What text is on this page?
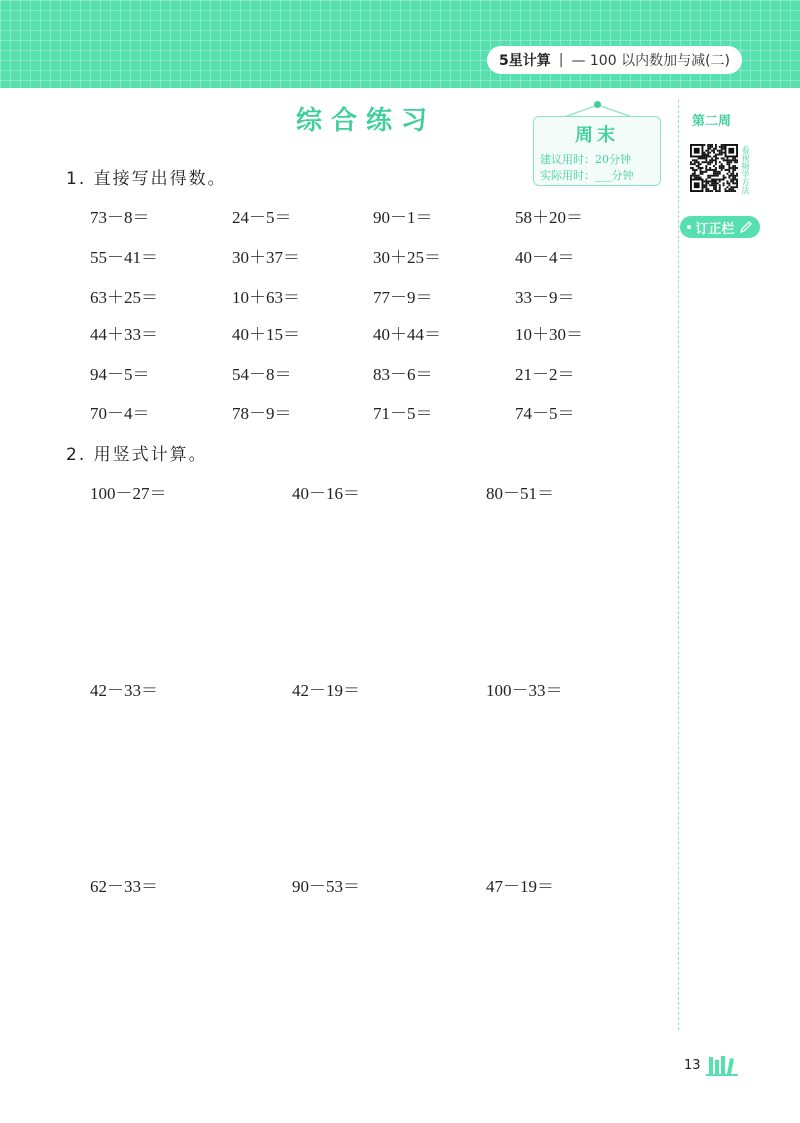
5星计算 | — 100 以内数加与减(二)
综合练习	周末
建议用时：20分钟
实际用时：___分钟
第二周
看视频学方法
订正栏
1. 直接写出得数。
73－8＝	24－5＝	90－1＝	58＋20＝
55－41＝	30＋37＝	30＋25＝	40－4＝
63＋25＝	10＋63＝	77－9＝	33－9＝
44＋33＝	40＋15＝	40＋44＝	10＋30＝
94－5＝	54－8＝	83－6＝	21－2＝
70－4＝	78－9＝	71－5＝	74－5＝
2. 用竖式计算。
100－27＝	40－16＝	80－51＝
42－33＝	42－19＝	100－33＝
62－33＝	90－53＝	47－19＝
13
